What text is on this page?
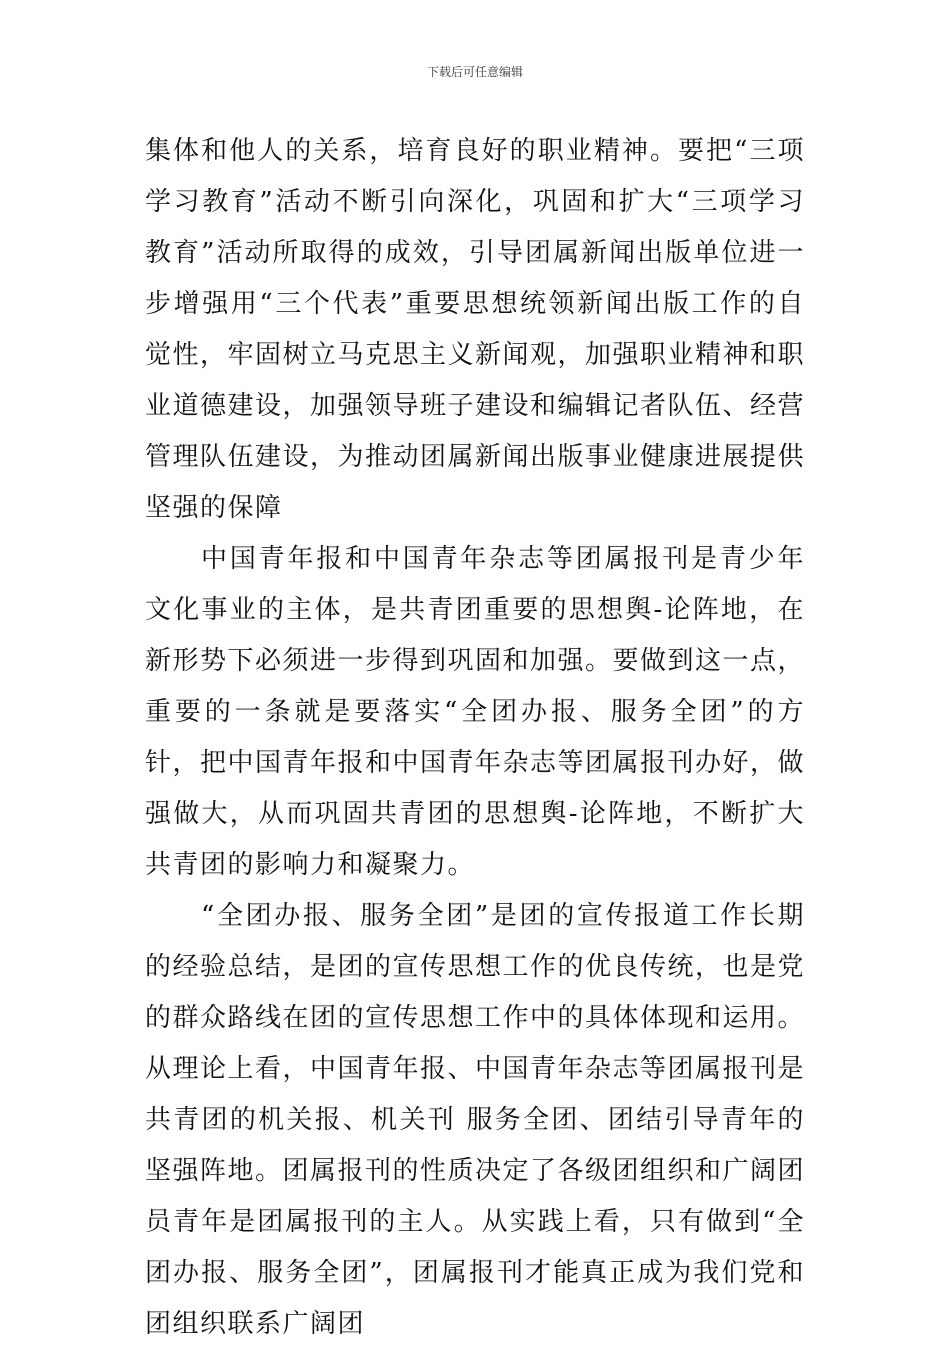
下载后可任意编辑

集体和他人的关系，培育良好的职业精神。要把“三项学习教育”活动不断引向深化，巩固和扩大“三项学习教育”活动所取得的成效，引导团属新闻出版单位进一步增强用“三个代表”重要思想统领新闻出版工作的自觉性，牢固树立马克思主义新闻观，加强职业精神和职业道德建设，加强领导班子建设和编辑记者队伍、经营管理队伍建设，为推动团属新闻出版事业健康进展提供坚强的保障

中国青年报和中国青年杂志等团属报刊是青少年文化事业的主体，是共青团重要的思想舆-论阵地，在新形势下必须进一步得到巩固和加强。要做到这一点，重要的一条就是要落实“全团办报、服务全团”的方针，把中国青年报和中国青年杂志等团属报刊办好，做强做大，从而巩固共青团的思想舆-论阵地，不断扩大共青团的影响力和凝聚力。

“全团办报、服务全团”是团的宣传报道工作长期的经验总结，是团的宣传思想工作的优良传统，也是党的群众路线在团的宣传思想工作中的具体体现和运用。从理论上看，中国青年报、中国青年杂志等团属报刊是共青团的机关报、机关刊 服务全团、团结引导青年的坚强阵地。团属报刊的性质决定了各级团组织和广阔团员青年是团属报刊的主人。从实践上看，只有做到“全团办报、服务全团”，团属报刊才能真正成为我们党和团组织联系广阔团
